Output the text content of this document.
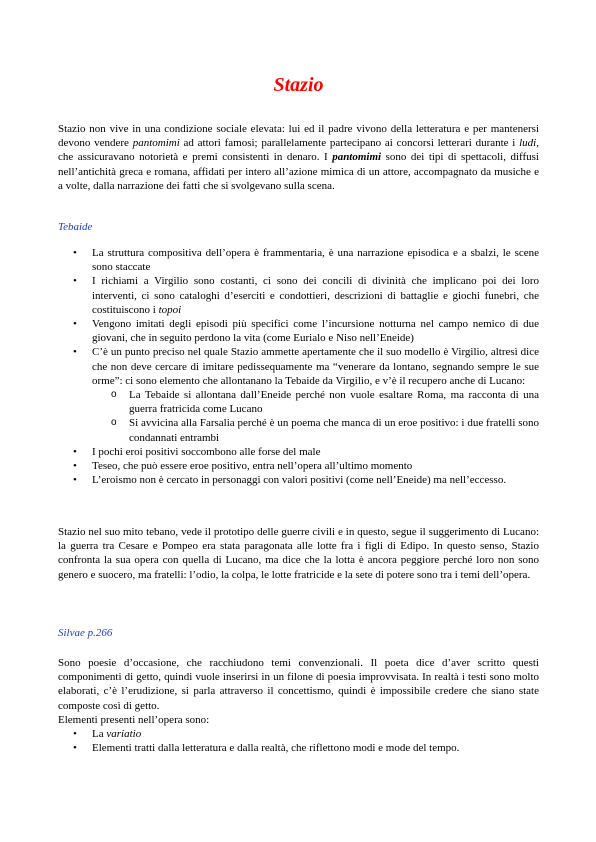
Stazio

Stazio non vive in una condizione sociale elevata: lui ed il padre vivono della letteratura e per mantenersi devono vendere pantomimi ad attori famosi; parallelamente partecipano ai concorsi letterari durante i ludi, che assicuravano notorietà e premi consistenti in denaro. I pantomimi sono dei tipi di spettacoli, diffusi nell’antichità greca e romana, affidati per intero all’azione mimica di un attore, accompagnato da musiche e a volte, dalla narrazione dei fatti che si svolgevano sulla scena.

Tebaide
• La struttura compositiva dell’opera è frammentaria, è una narrazione episodica e a sbalzi, le scene sono staccate
• I richiami a Virgilio sono costanti, ci sono dei concili di divinità che implicano poi dei loro interventi, ci sono cataloghi d’eserciti e condottieri, descrizioni di battaglie e giochi funebri, che costituiscono i topoi
• Vengono imitati degli episodi più specifici come l’incursione notturna nel campo nemico di due giovani, che in seguito perdono la vita (come Eurialo e Niso nell’Eneide)
• C’è un punto preciso nel quale Stazio ammette apertamente che il suo modello è Virgilio, altresì dice che non deve cercare di imitare pedissequamente ma “venerare da lontano, segnando sempre le sue orme”: ci sono elemento che allontanano la Tebaide da Virgilio, e v’è il recupero anche di Lucano:
o La Tebaide si allontana dall’Eneide perché non vuole esaltare Roma, ma racconta di una guerra fratricida come Lucano
o Si avvicina alla Farsalia perché è un poema che manca di un eroe positivo: i due fratelli sono condannati entrambi
• I pochi eroi positivi soccombono alle forse del male
• Teseo, che può essere eroe positivo, entra nell’opera all’ultimo momento
• L’eroismo non è cercato in personaggi con valori positivi (come nell’Eneide) ma nell’eccesso.

Stazio nel suo mito tebano, vede il prototipo delle guerre civili e in questo, segue il suggerimento di Lucano: la guerra tra Cesare e Pompeo era stata paragonata alle lotte fra i figli di Edipo. In questo senso, Stazio confronta la sua opera con quella di Lucano, ma dice che la lotta è ancora peggiore perché loro non sono genero e suocero, ma fratelli: l’odio, la colpa, le lotte fratricide e la sete di potere sono tra i temi dell’opera.

Silvae p.266

Sono poesie d’occasione, che racchiudono temi convenzionali. Il poeta dice d’aver scritto questi componimenti di getto, quindi vuole inserirsi in un filone di poesia improvvisata. In realtà i testi sono molto elaborati, c’è l’erudizione, si parla attraverso il concettismo, quindi è impossibile credere che siano state composte così di getto.

Elementi presenti nell’opera sono:
• La variatio
• Elementi tratti dalla letteratura e dalla realtà, che riflettono modi e mode del tempo.
